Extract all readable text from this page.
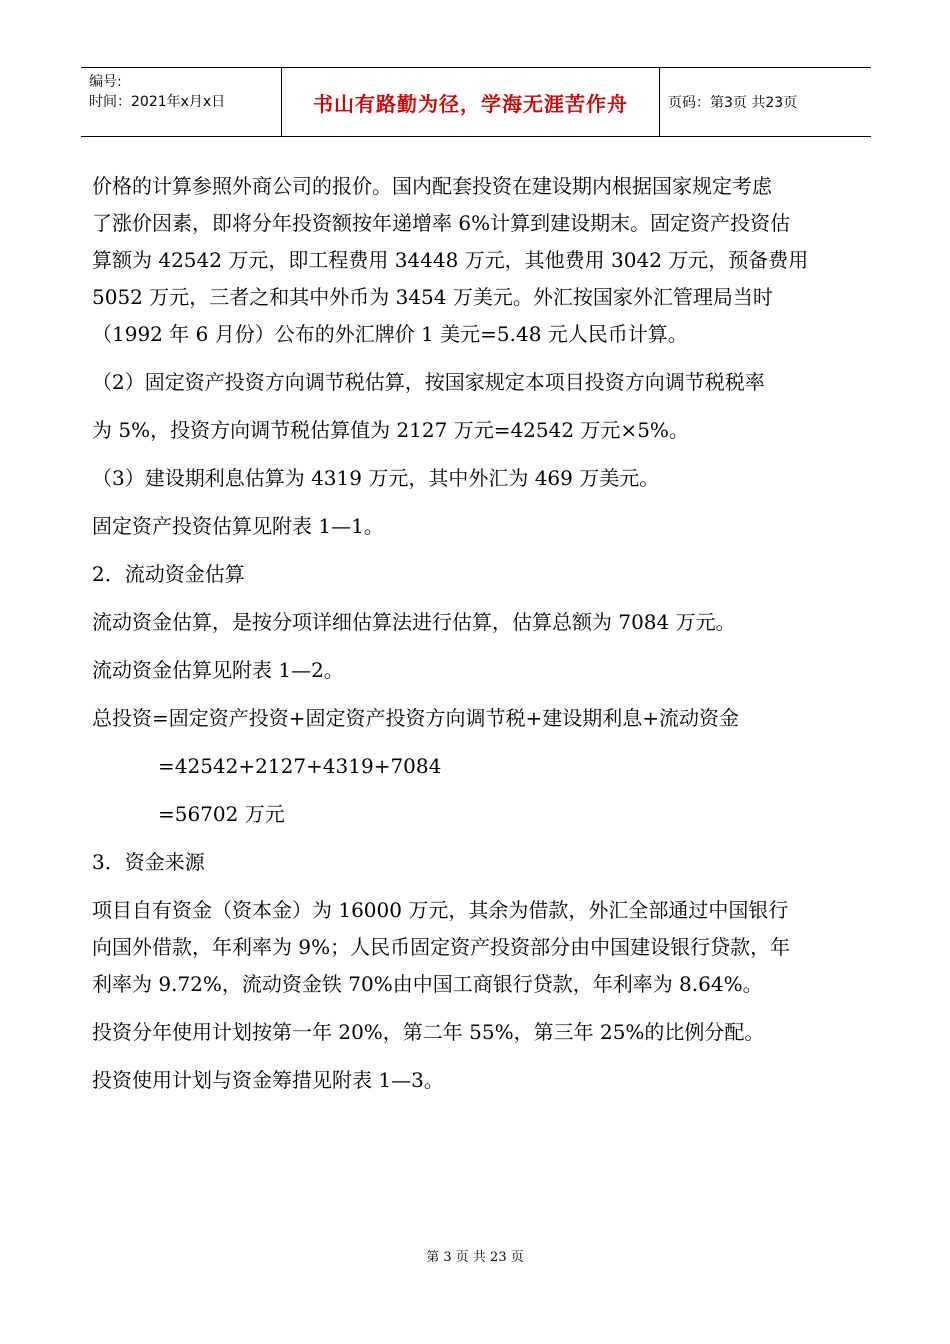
编号:
时间：2021年x月x日	书山有路勤为径，学海无涯苦作舟	页码：第3页 共23页
价格的计算参照外商公司的报价。国内配套投资在建设期内根据国家规定考虑
了涨价因素，即将分年投资额按年递增率 6%计算到建设期末。固定资产投资估
算额为 42542 万元，即工程费用 34448 万元，其他费用 3042 万元，预备费用
5052 万元，三者之和其中外币为 3454 万美元。外汇按国家外汇管理局当时
（1992 年 6 月份）公布的外汇牌价 1 美元=5.48 元人民币计算。
（2）固定资产投资方向调节税估算，按国家规定本项目投资方向调节税税率
为 5%，投资方向调节税估算值为 2127 万元=42542 万元×5%。
（3）建设期利息估算为 4319 万元，其中外汇为 469 万美元。
固定资产投资估算见附表 1—1。
2．流动资金估算
流动资金估算，是按分项详细估算法进行估算，估算总额为 7084 万元。
流动资金估算见附表 1—2。
总投资=固定资产投资+固定资产投资方向调节税+建设期利息+流动资金
=42542+2127+4319+7084
=56702 万元
3．资金来源
项目自有资金（资本金）为 16000 万元，其余为借款，外汇全部通过中国银行
向国外借款，年利率为 9%；人民币固定资产投资部分由中国建设银行贷款，年
利率为 9.72%，流动资金铁 70%由中国工商银行贷款，年利率为 8.64%。
投资分年使用计划按第一年 20%，第二年 55%，第三年 25%的比例分配。
投资使用计划与资金筹措见附表 1—3。
第 3 页 共 23 页
